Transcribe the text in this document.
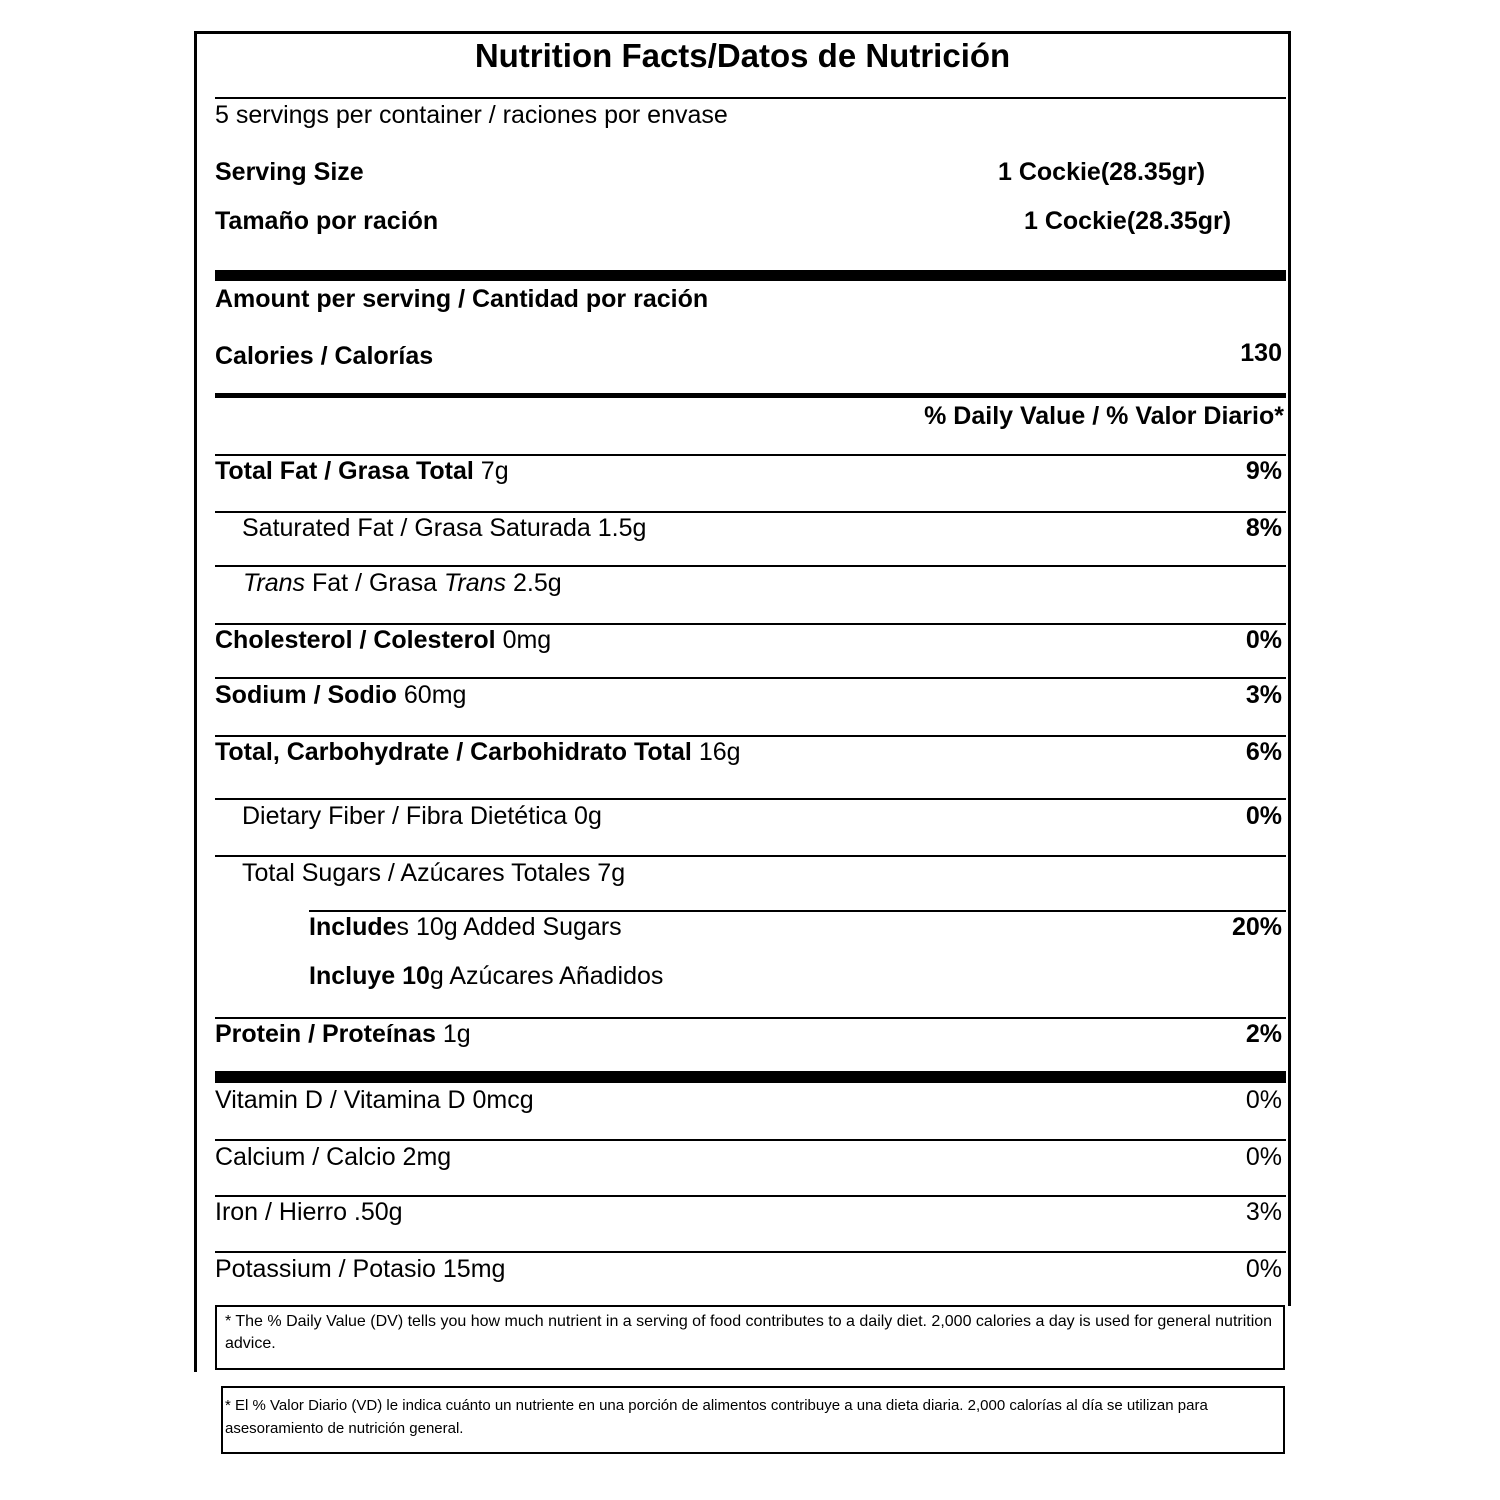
Nutrition Facts/Datos de Nutrición
5 servings per container / raciones por envase
Serving Size	1 Cockie(28.35gr)
Tamaño por ración	1 Cockie(28.35gr)
Amount per serving / Cantidad por ración
Calories / Calorías	130
% Daily Value / % Valor Diario*
Total Fat / Grasa Total 7g	9%
Saturated Fat / Grasa Saturada 1.5g	8%
Trans Fat / Grasa Trans 2.5g
Cholesterol / Colesterol 0mg	0%
Sodium / Sodio 60mg	3%
Total, Carbohydrate / Carbohidrato Total 16g	6%
Dietary Fiber / Fibra Dietética 0g	0%
Total Sugars / Azúcares Totales 7g
Includes 10g Added Sugars	20%
Incluye 10g Azúcares Añadidos
Protein / Proteínas 1g	2%
Vitamin D / Vitamina D 0mcg	0%
Calcium / Calcio 2mg	0%
Iron / Hierro .50g	3%
Potassium / Potasio 15mg	0%
* The % Daily Value (DV) tells you how much nutrient in a serving of food contributes to a daily diet. 2,000 calories a day is used for general nutrition advice.
* El % Valor Diario (VD) le indica cuánto un nutriente en una porción de alimentos contribuye a una dieta diaria. 2,000 calorías al día se utilizan para asesoramiento de nutrición general.
